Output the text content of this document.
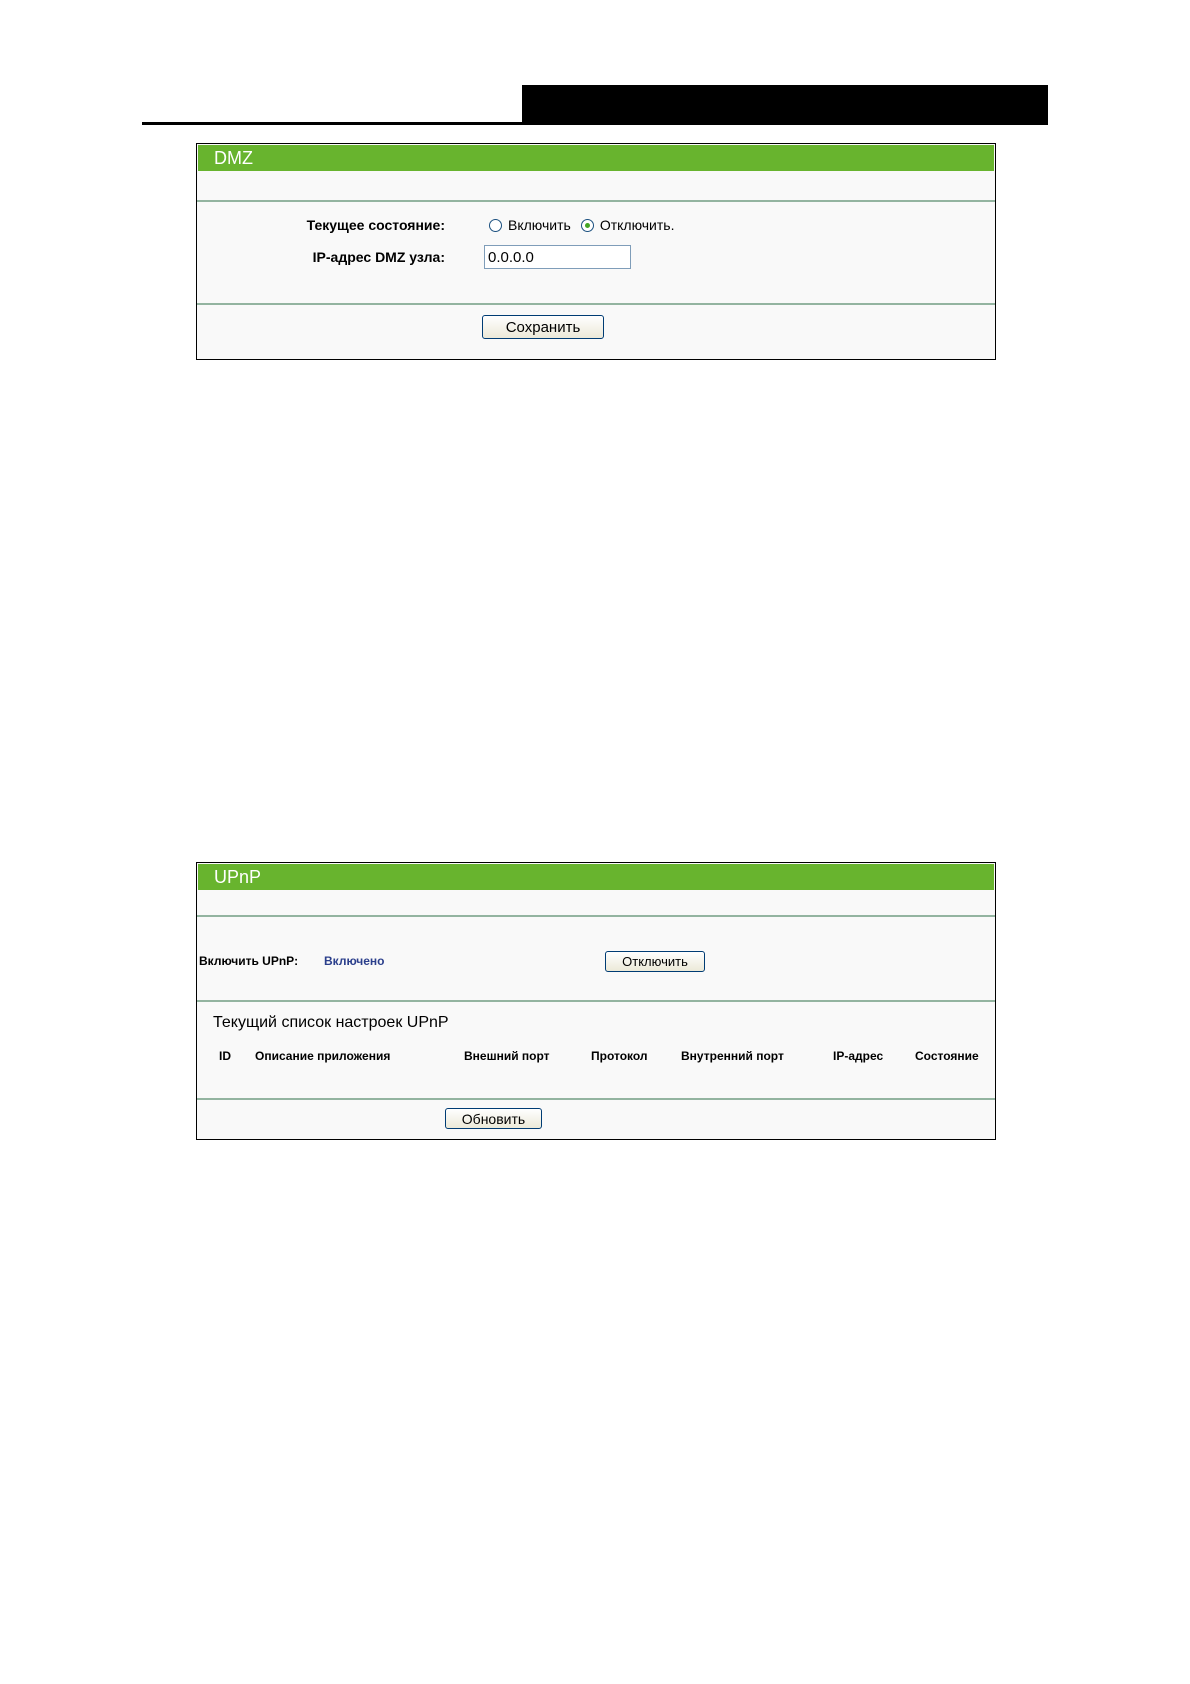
DMZ
Текущее состояние:	Включить Отключить.
IP-адрес DMZ узла:
0.0.0.0
Сохранить
UPnP
Включить UPnP: Включено	Отключить
Текущий список настроек UPnP
ID Описание приложения	Внешний порт	Протокол	Внутренний порт	IP-адрес	Состояние
Обновить
